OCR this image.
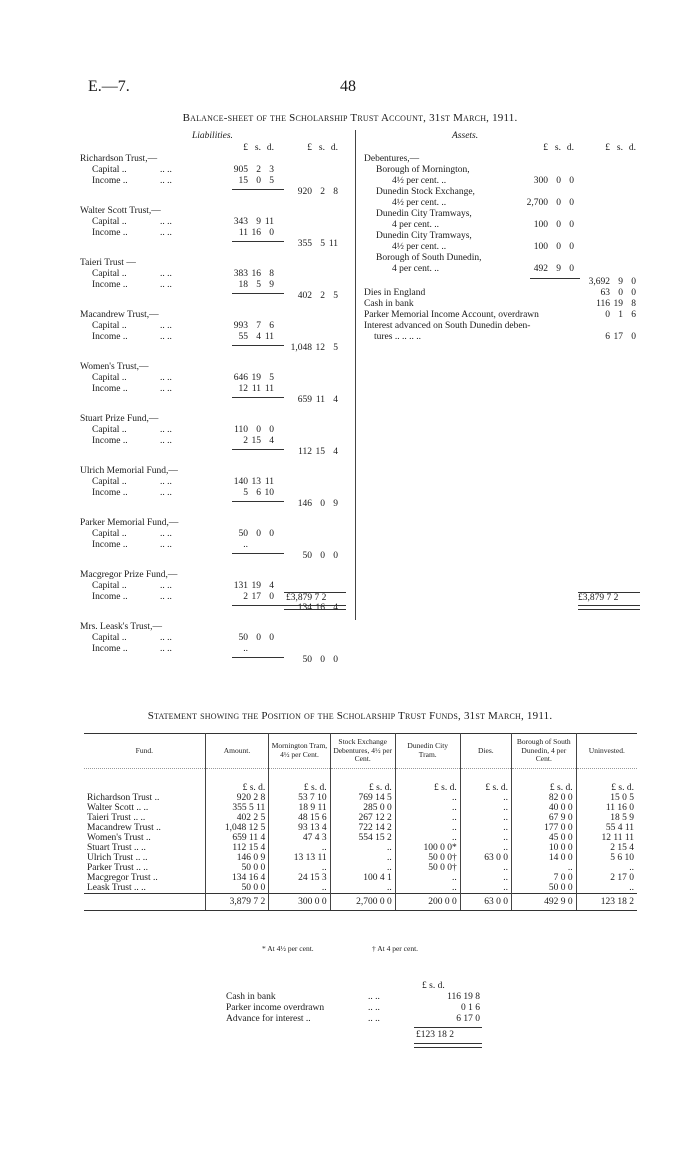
E.—7.	48
Balance-sheet of the Scholarship Trust Account, 31st March, 1911.
Liabilities.
£ s. d.	£ s. d.
Richardson Trust,—
Capital ..	.. ..	905 2 3
Income ..	.. ..	15 0 5
920 2 8
Walter Scott Trust,—
Capital ..	.. ..	343 9 11
Income ..	.. ..	11 16 0
355 5 11
Taieri Trust —
Capital ..	.. ..	383 16 8
Income ..	.. ..	18 5 9
402 2 5
Macandrew Trust,—
Capital ..	.. ..	993 7 6
Income ..	.. ..	55 4 11
1,048 12 5
Women's Trust,—
Capital ..	.. ..	646 19 5
Income ..	.. ..	12 11 11
659 11 4
Stuart Prize Fund,—
Capital ..	.. ..	110 0 0
Income ..	.. ..	2 15 4
112 15 4
Ulrich Memorial Fund,—
Capital ..	.. ..	140 13 11
Income ..	.. ..	5 6 10
146 0 9
Parker Memorial Fund,—
Capital ..	.. ..	50 0 0
Income ..	.. ..	..
50 0 0
Macgregor Prize Fund,—
Capital ..	.. ..	131 19 4
Income ..	.. ..	2 17 0
134 16 4
Mrs. Leask's Trust,—
Capital ..	.. ..	50 0 0
Income ..	.. ..	..
50 0 0
£3,879 7 2
Assets.
£ s. d.	£ s. d.
Debentures,—
Borough of Mornington,
4½ per cent. ..	300 0 0
Dunedin Stock Exchange,
4½ per cent. ..	2,700 0 0
Dunedin City Tramways,
4 per cent. ..	100 0 0
Dunedin City Tramways,
4½ per cent. ..	100 0 0
Borough of South Dunedin,
4 per cent. ..	492 9 0
3,692 9 0
Dies in England	63 0 0
Cash in bank	116 19 8
Parker Memorial Income Account, overdrawn	0 1 6
Interest advanced on South Dunedin deben-
tures .. .. .. ..	6 17 0
£3,879 7 2
Statement showing the Position of the Scholarship Trust Funds, 31st March, 1911.
Fund.	Amount.	Mornington Tram, 4½ per Cent.	Stock Exchange Debentures, 4½ per Cent.	Dunedin City Tram.	Dies.	Borough of South Dunedin, 4 per Cent.	Uninvested.
	£ s. d.	£ s. d.	£ s. d.	£ s. d.	£ s. d.	£ s. d.	£ s. d.
Richardson Trust ..	920 2 8	53 7 10	769 14 5	..	..	82 0 0	15 0 5
Walter Scott .. ..	355 5 11	18 9 11	285 0 0	..	..	40 0 0	11 16 0
Taieri Trust .. ..	402 2 5	48 15 6	267 12 2	..	..	67 9 0	18 5 9
Macandrew Trust ..	1,048 12 5	93 13 4	722 14 2	..	..	177 0 0	55 4 11
Women's Trust ..	659 11 4	47 4 3	554 15 2	..	..	45 0 0	12 11 11
Stuart Trust .. ..	112 15 4	..	..	100 0 0*	..	10 0 0	2 15 4
Ulrich Trust .. ..	146 0 9	13 13 11	..	50 0 0†	63 0 0	14 0 0	5 6 10
Parker Trust .. ..	50 0 0	..	..	50 0 0†	..	..	..
Macgregor Trust ..	134 16 4	24 15 3	100 4 1	..	..	7 0 0	2 17 0
Leask Trust .. ..	50 0 0	..	..	..	..	50 0 0	..
	3,879 7 2	300 0 0	2,700 0 0	200 0 0	63 0 0	492 9 0	123 18 2
* At 4½ per cent.	† At 4 per cent.
£ s. d.
Cash in bank	.. ..	116 19 8
Parker income overdrawn	.. ..	0 1 6
Advance for interest ..	.. ..	6 17 0
£123 18 2
